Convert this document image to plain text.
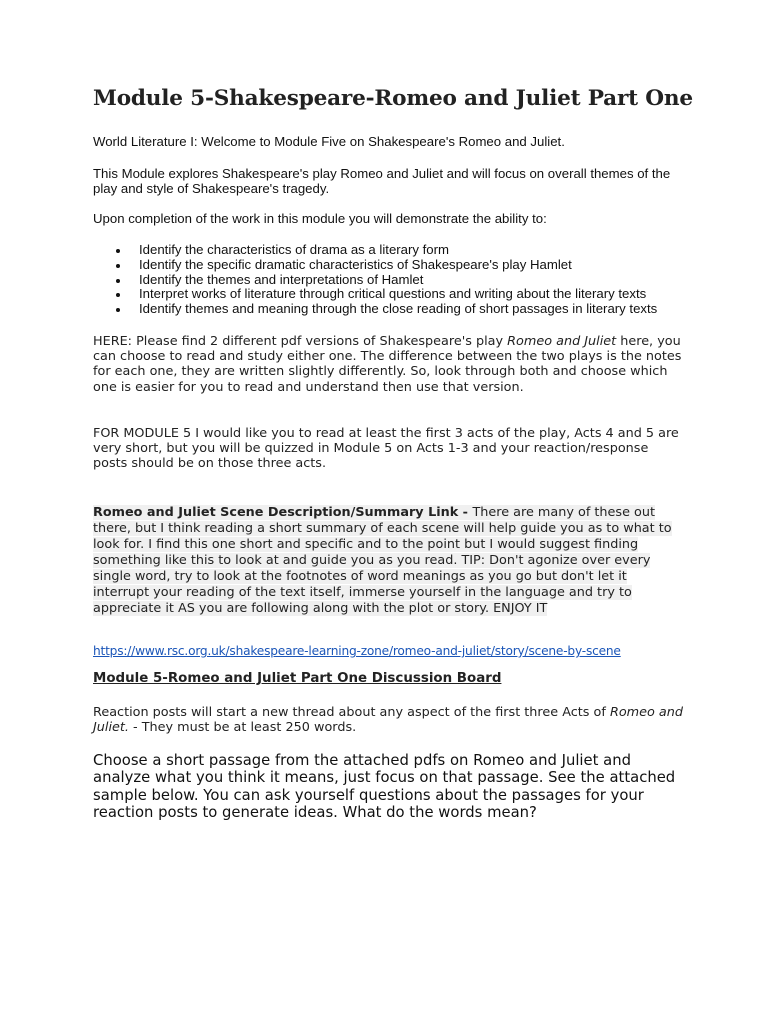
Module 5-Shakespeare-Romeo and Juliet Part One

World Literature I: Welcome to Module Five on Shakespeare's Romeo and Juliet.

This Module explores Shakespeare's play Romeo and Juliet and will focus on overall themes of the play and style of Shakespeare's tragedy.

Upon completion of the work in this module you will demonstrate the ability to:

Identify the characteristics of drama as a literary form
Identify the specific dramatic characteristics of Shakespeare's play Hamlet
Identify the themes and interpretations of Hamlet
Interpret works of literature through critical questions and writing about the literary texts
Identify themes and meaning through the close reading of short passages in literary texts

HERE: Please find 2 different pdf versions of Shakespeare's play Romeo and Juliet here, you can choose to read and study either one. The difference between the two plays is the notes for each one, they are written slightly differently. So, look through both and choose which one is easier for you to read and understand then use that version.

FOR MODULE 5 I would like you to read at least the first 3 acts of the play, Acts 4 and 5 are very short, but you will be quizzed in Module 5 on Acts 1-3 and your reaction/response posts should be on those three acts.

Romeo and Juliet Scene Description/Summary Link - There are many of these out there, but I think reading a short summary of each scene will help guide you as to what to look for. I find this one short and specific and to the point but I would suggest finding something like this to look at and guide you as you read. TIP: Don't agonize over every single word, try to look at the footnotes of word meanings as you go but don't let it interrupt your reading of the text itself, immerse yourself in the language and try to appreciate it AS you are following along with the plot or story. ENJOY IT

https://www.rsc.org.uk/shakespeare-learning-zone/romeo-and-juliet/story/scene-by-scene

Module 5-Romeo and Juliet Part One Discussion Board

Reaction posts will start a new thread about any aspect of the first three Acts of Romeo and Juliet. - They must be at least 250 words.

Choose a short passage from the attached pdfs on Romeo and Juliet and analyze what you think it means, just focus on that passage. See the attached sample below. You can ask yourself questions about the passages for your reaction posts to generate ideas. What do the words mean?
